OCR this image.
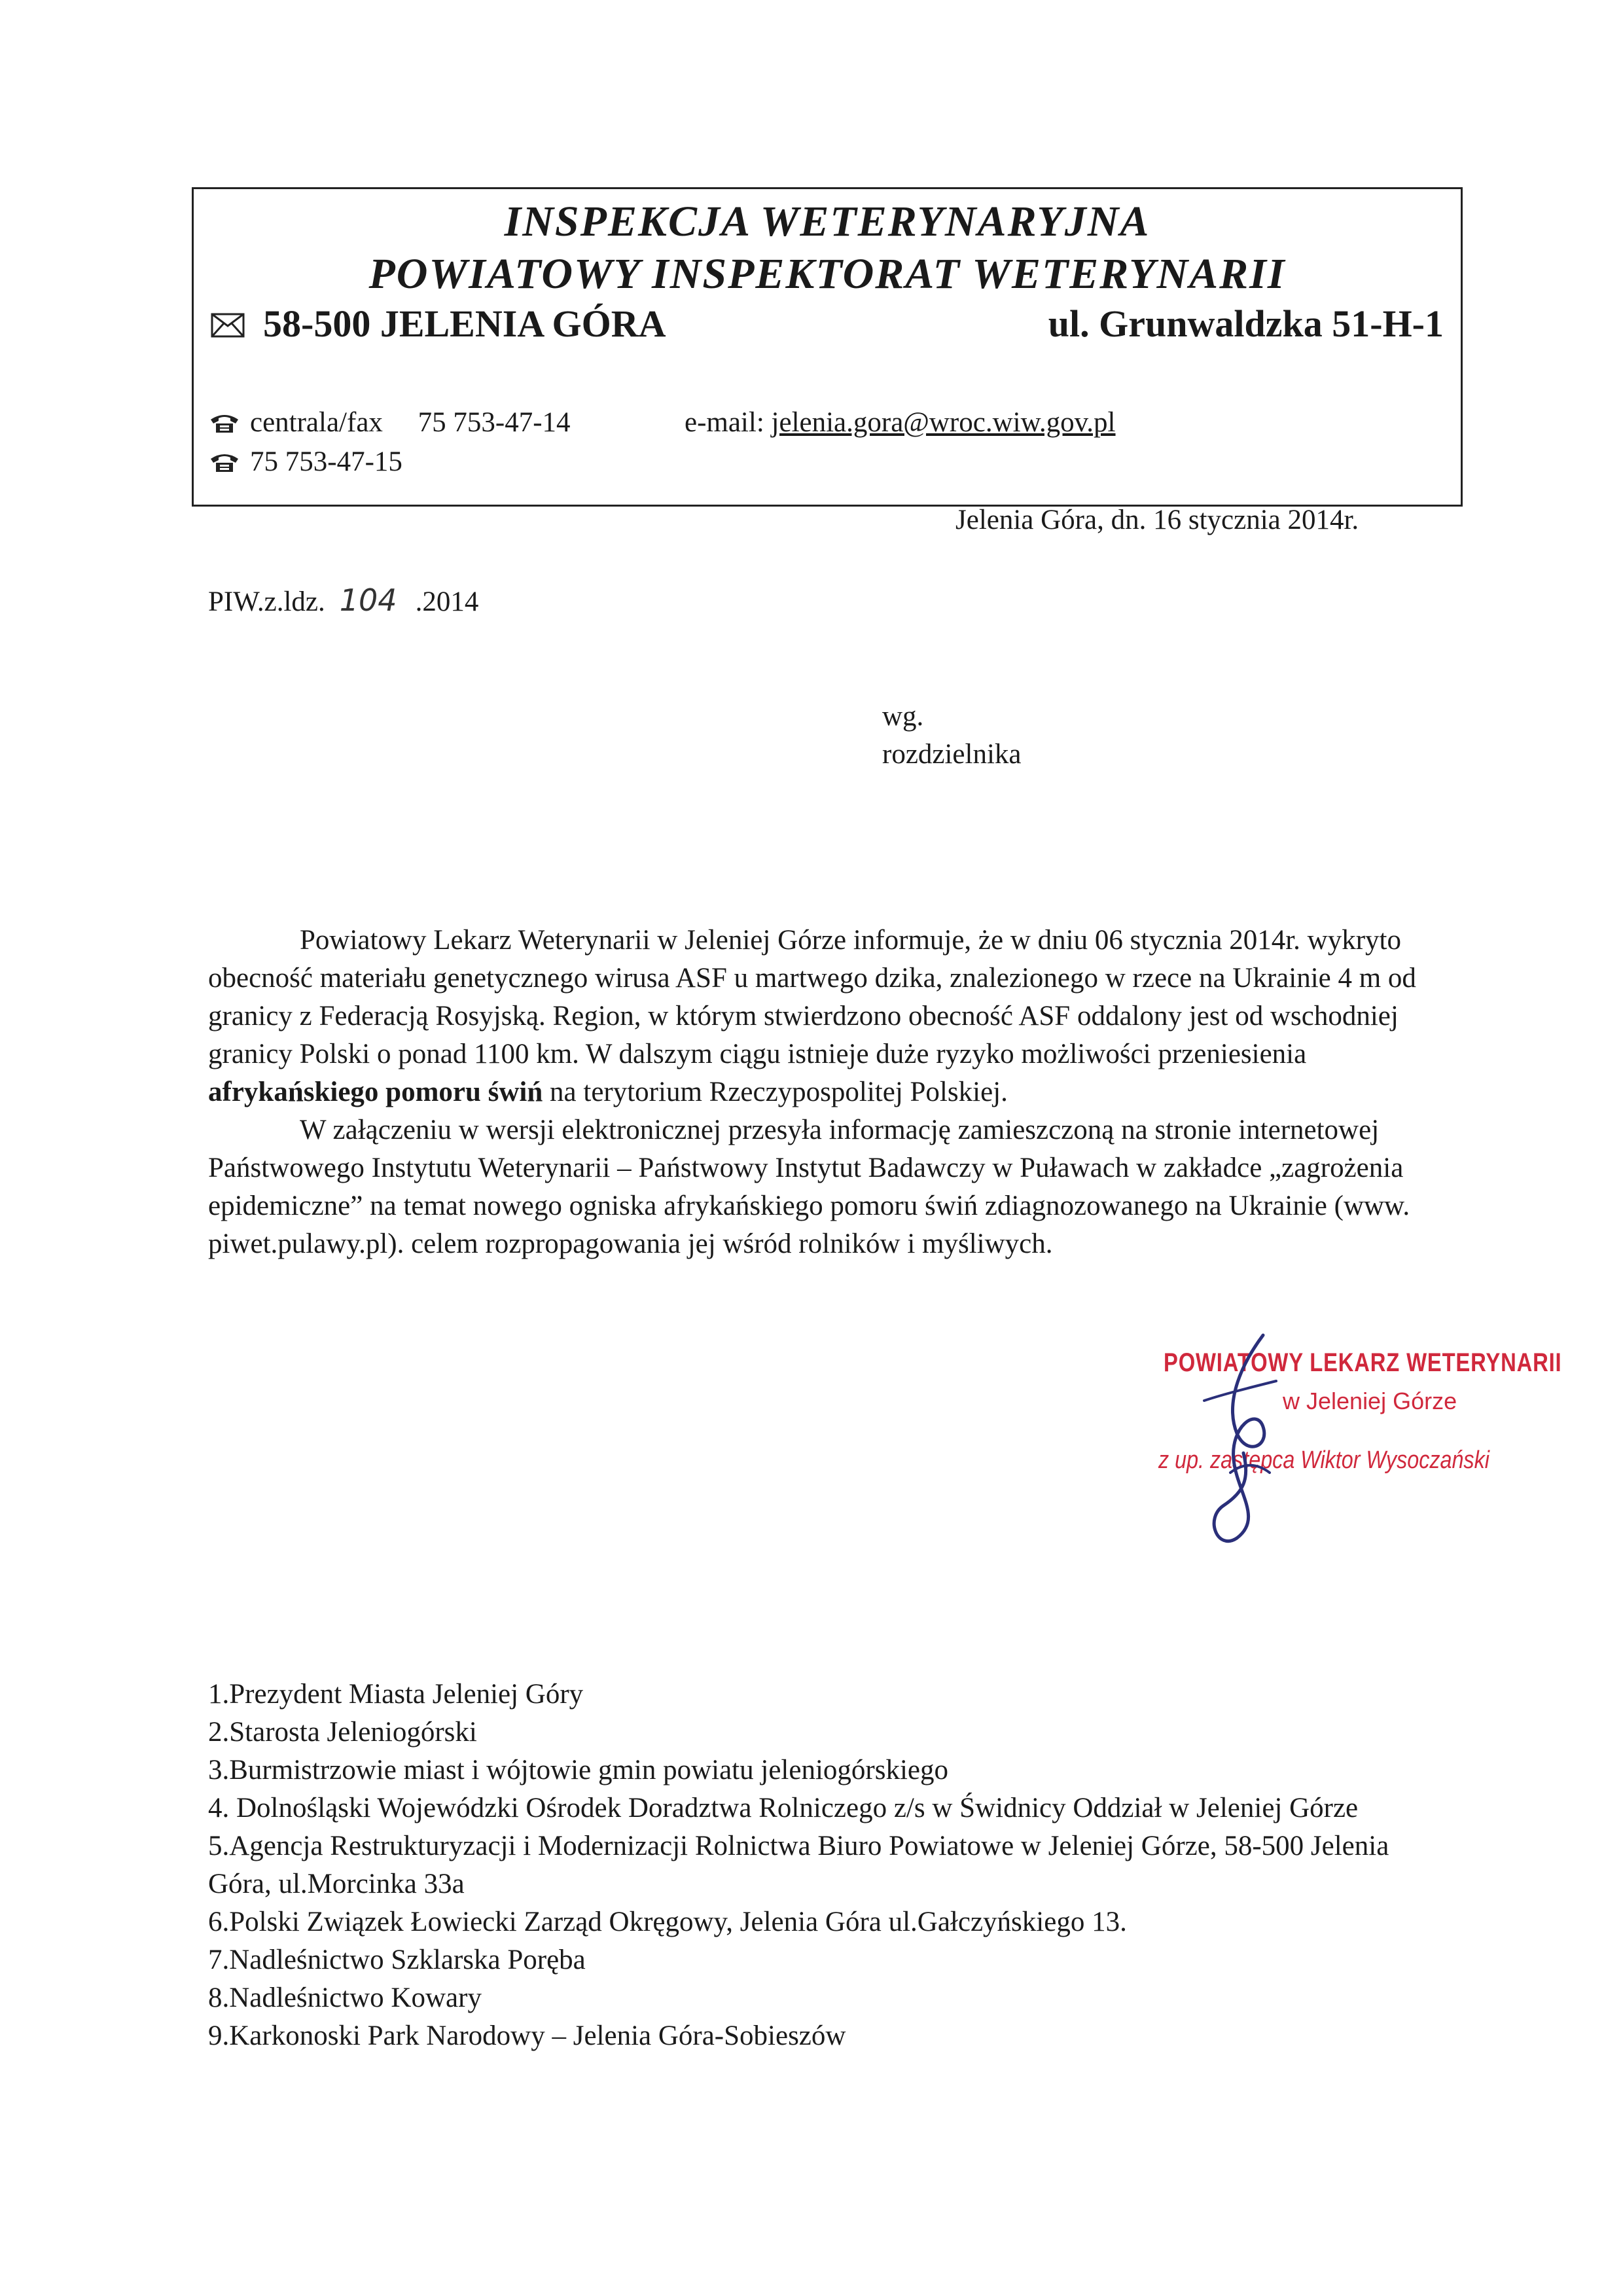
INSPEKCJA WETERYNARYJNA
POWIATOWY INSPEKTORAT WETERYNARII
58-500 JELENIA GÓRA	ul. Grunwaldzka 51-H-1
centrala/fax     75 753-47-14
75 753-47-15
e-mail: jelenia.gora@wroc.wiw.gov.pl
Jelenia Góra, dn. 16 stycznia 2014r.
PIW.z.ldz. 104 .2014
wg.
rozdzielnika

Powiatowy Lekarz Weterynarii w Jeleniej Górze informuje, że w dniu 06 stycznia 2014r. wykryto obecność materiału genetycznego wirusa ASF u martwego dzika, znalezionego w rzece na Ukrainie 4 m od granicy z Federacją Rosyjską. Region, w którym stwierdzono obecność ASF oddalony jest od wschodniej granicy Polski o ponad 1100 km. W dalszym ciągu istnieje duże ryzyko możliwości przeniesienia afrykańskiego pomoru świń na terytorium Rzeczypospolitej Polskiej.

W załączeniu w wersji elektronicznej przesyła informację zamieszczoną na stronie internetowej Państwowego Instytutu Weterynarii – Państwowy Instytut Badawczy w Puławach w zakładce „zagrożenia epidemiczne” na temat nowego ogniska afrykańskiego pomoru świń zdiagnozowanego na Ukrainie (www. piwet.pulawy.pl). celem rozpropagowania jej wśród rolników i myśliwych.

POWIATOWY LEKARZ WETERYNARII
w Jeleniej Górze
z up. zastępca Wiktor Wysoczański
1.Prezydent Miasta Jeleniej Góry
2.Starosta Jeleniogórski
3.Burmistrzowie miast i wójtowie gmin powiatu jeleniogórskiego
4. Dolnośląski Wojewódzki Ośrodek Doradztwa Rolniczego z/s w Świdnicy Oddział w Jeleniej Górze
5.Agencja Restrukturyzacji i Modernizacji Rolnictwa Biuro Powiatowe w Jeleniej Górze, 58-500 Jelenia Góra, ul.Morcinka 33a
6.Polski Związek Łowiecki Zarząd Okręgowy, Jelenia Góra ul.Gałczyńskiego 13.
7.Nadleśnictwo Szklarska Poręba
8.Nadleśnictwo Kowary
9.Karkonoski Park Narodowy – Jelenia Góra-Sobieszów
